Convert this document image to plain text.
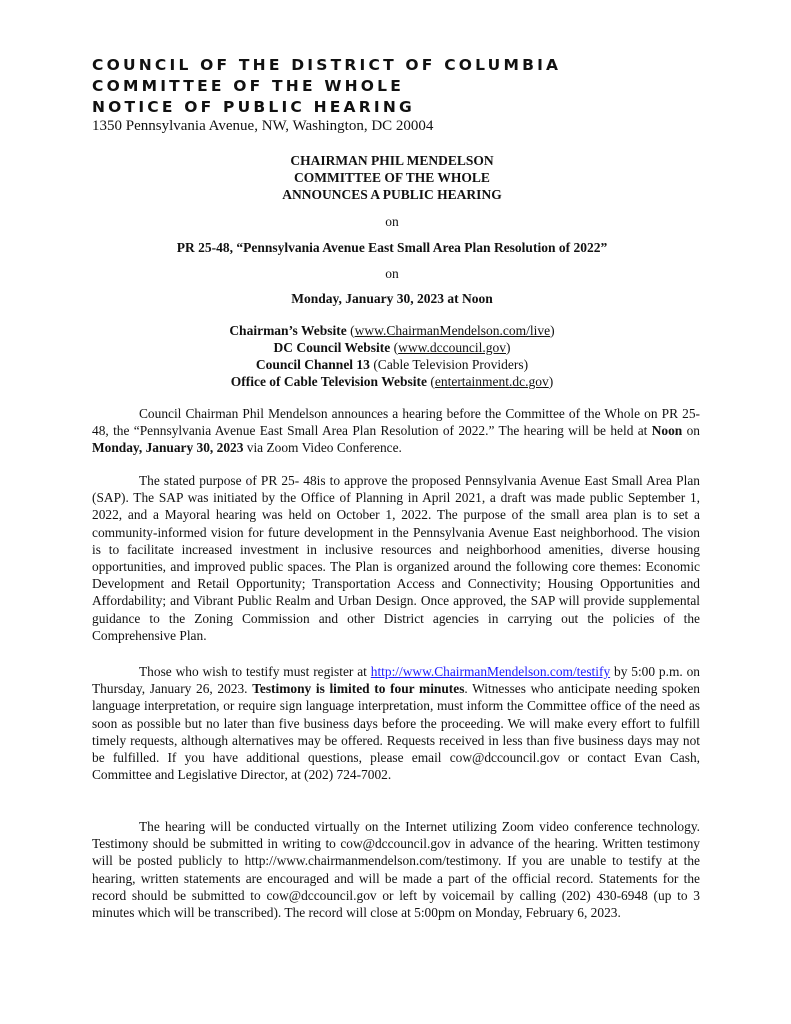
COUNCIL OF THE DISTRICT OF COLUMBIA
COMMITTEE OF THE WHOLE
NOTICE OF PUBLIC HEARING
1350 Pennsylvania Avenue, NW, Washington, DC 20004
CHAIRMAN PHIL MENDELSON
COMMITTEE OF THE WHOLE
ANNOUNCES A PUBLIC HEARING
on
PR 25-48, “Pennsylvania Avenue East Small Area Plan Resolution of 2022”
on
Monday, January 30, 2023 at Noon
Chairman’s Website (www.ChairmanMendelson.com/live)
DC Council Website (www.dccouncil.gov)
Council Channel 13 (Cable Television Providers)
Office of Cable Television Website (entertainment.dc.gov)

Council Chairman Phil Mendelson announces a hearing before the Committee of the Whole on PR 25-48, the “Pennsylvania Avenue East Small Area Plan Resolution of 2022.” The hearing will be held at Noon on Monday, January 30, 2023 via Zoom Video Conference.

The stated purpose of PR 25- 48is to approve the proposed Pennsylvania Avenue East Small Area Plan (SAP). The SAP was initiated by the Office of Planning in April 2021, a draft was made public September 1, 2022, and a Mayoral hearing was held on October 1, 2022. The purpose of the small area plan is to set a community-informed vision for future development in the Pennsylvania Avenue East neighborhood. The vision is to facilitate increased investment in inclusive resources and neighborhood amenities, diverse housing opportunities, and improved public spaces. The Plan is organized around the following core themes: Economic Development and Retail Opportunity; Transportation Access and Connectivity; Housing Opportunities and Affordability; and Vibrant Public Realm and Urban Design. Once approved, the SAP will provide supplemental guidance to the Zoning Commission and other District agencies in carrying out the policies of the Comprehensive Plan.

Those who wish to testify must register at http://www.ChairmanMendelson.com/testify by 5:00 p.m. on Thursday, January 26, 2023. Testimony is limited to four minutes. Witnesses who anticipate needing spoken language interpretation, or require sign language interpretation, must inform the Committee office of the need as soon as possible but no later than five business days before the proceeding. We will make every effort to fulfill timely requests, although alternatives may be offered. Requests received in less than five business days may not be fulfilled. If you have additional questions, please email cow@dccouncil.gov or contact Evan Cash, Committee and Legislative Director, at (202) 724-7002.

The hearing will be conducted virtually on the Internet utilizing Zoom video conference technology. Testimony should be submitted in writing to cow@dccouncil.gov in advance of the hearing. Written testimony will be posted publicly to http://www.chairmanmendelson.com/testimony. If you are unable to testify at the hearing, written statements are encouraged and will be made a part of the official record. Statements for the record should be submitted to cow@dccouncil.gov or left by voicemail by calling (202) 430-6948 (up to 3 minutes which will be transcribed). The record will close at 5:00pm on Monday, February 6, 2023.
